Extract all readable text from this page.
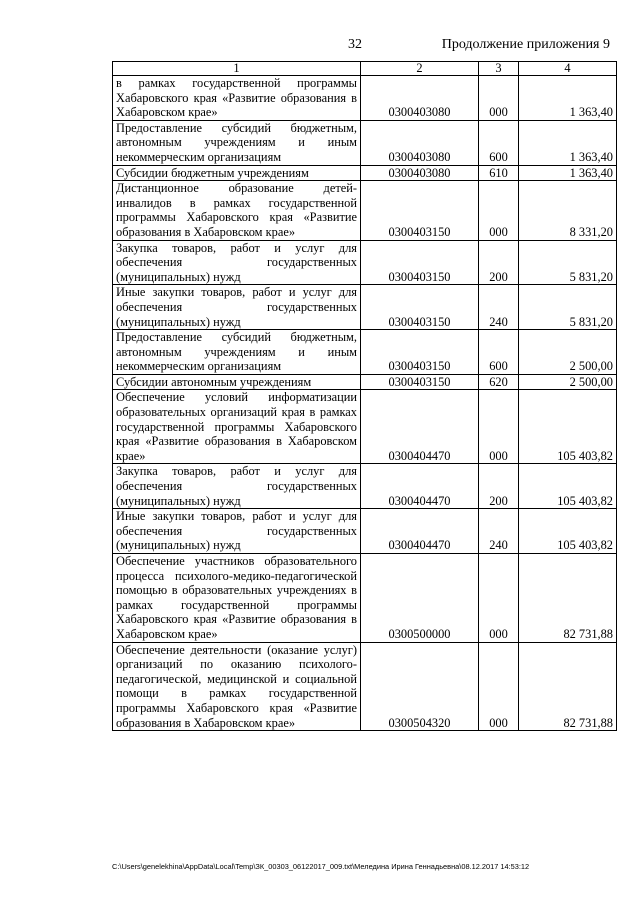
32	Продолжение приложения 9
1	2	3	4
в рамках государственной программы Хабаровского края «Развитие образования в Хабаровском крае»	0300403080	000	1 363,40
Предоставление субсидий бюджетным, автономным учреждениям и иным некоммерческим организациям	0300403080	600	1 363,40
Субсидии бюджетным учреждениям	0300403080	610	1 363,40
Дистанционное образование детей-инвалидов в рамках государственной программы Хабаровского края «Развитие образования в Хабаровском крае»	0300403150	000	8 331,20
Закупка товаров, работ и услуг для обеспечения государственных (муниципальных) нужд	0300403150	200	5 831,20
Иные закупки товаров, работ и услуг для обеспечения государственных (муниципальных) нужд	0300403150	240	5 831,20
Предоставление субсидий бюджетным, автономным учреждениям и иным некоммерческим организациям	0300403150	600	2 500,00
Субсидии автономным учреждениям	0300403150	620	2 500,00
Обеспечение условий информатизации образовательных организаций края в рамках государственной программы Хабаровского края «Развитие образования в Хабаровском крае»	0300404470	000	105 403,82
Закупка товаров, работ и услуг для обеспечения государственных (муниципальных) нужд	0300404470	200	105 403,82
Иные закупки товаров, работ и услуг для обеспечения государственных (муниципальных) нужд	0300404470	240	105 403,82
Обеспечение участников образовательного процесса психолого-медико-педагогической помощью в образовательных учреждениях в рамках государственной программы Хабаровского края «Развитие образования в Хабаровском крае»	0300500000	000	82 731,88
Обеспечение деятельности (оказание услуг) организаций по оказанию психолого-педагогической, медицинской и социальной помощи в рамках государственной программы Хабаровского края «Развитие образования в Хабаровском крае»	0300504320	000	82 731,88
C:\Users\genelekhina\AppData\Local\Temp\ЗК_00303_06122017_009.txt\Меледина Ирина Геннадьевна\08.12.2017 14:53:12
